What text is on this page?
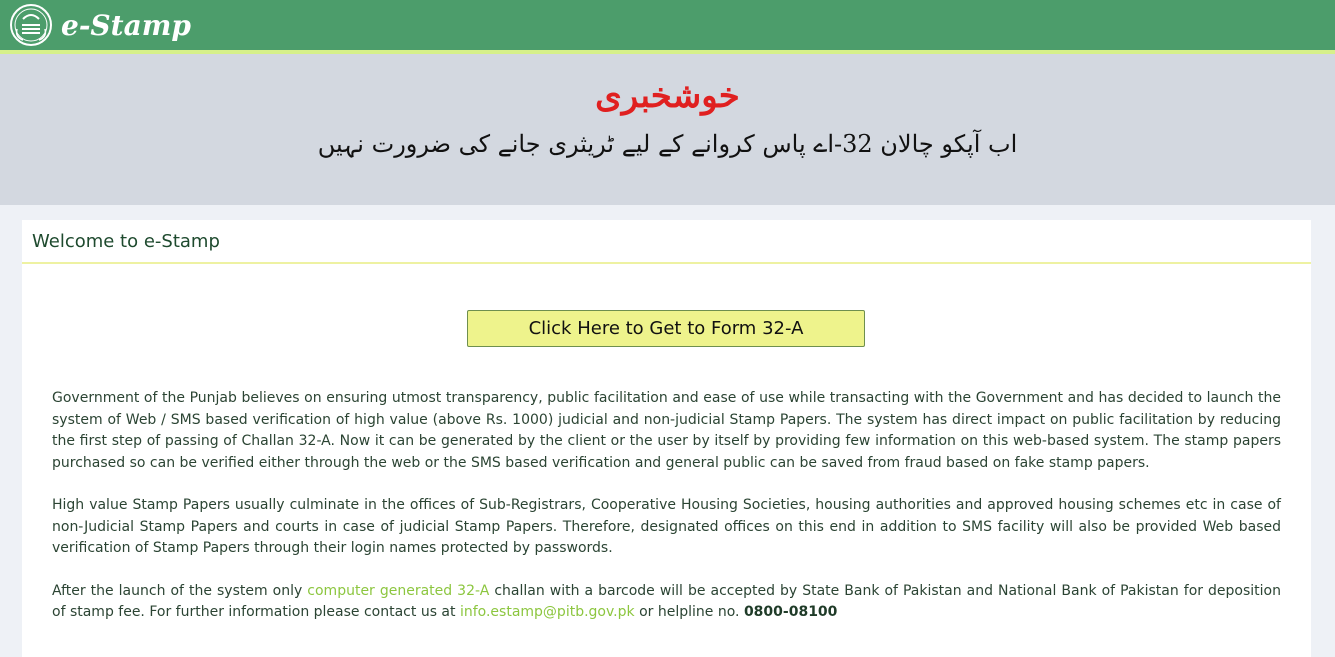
e-Stamp
خوشخبری
اب آپکو چالان 32-اے پاس کروانے کے لیے ٹریثری جانے کی ضرورت نہیں
Welcome to e-Stamp
Click Here to Get to Form 32-A

Government of the Punjab believes on ensuring utmost transparency, public facilitation and ease of use while transacting with the Government and has decided to launch the system of Web / SMS based verification of high value (above Rs. 1000) judicial and non-judicial Stamp Papers. The system has direct impact on public facilitation by reducing the first step of passing of Challan 32-A. Now it can be generated by the client or the user by itself by providing few information on this web-based system. The stamp papers purchased so can be verified either through the web or the SMS based verification and general public can be saved from fraud based on fake stamp papers.

High value Stamp Papers usually culminate in the offices of Sub-Registrars, Cooperative Housing Societies, housing authorities and approved housing schemes etc in case of non-Judicial Stamp Papers and courts in case of judicial Stamp Papers. Therefore, designated offices on this end in addition to SMS facility will also be provided Web based verification of Stamp Papers through their login names protected by passwords.

After the launch of the system only computer generated 32-A challan with a barcode will be accepted by State Bank of Pakistan and National Bank of Pakistan for deposition of stamp fee. For further information please contact us at info.estamp@pitb.gov.pk or helpline no. 0800-08100
